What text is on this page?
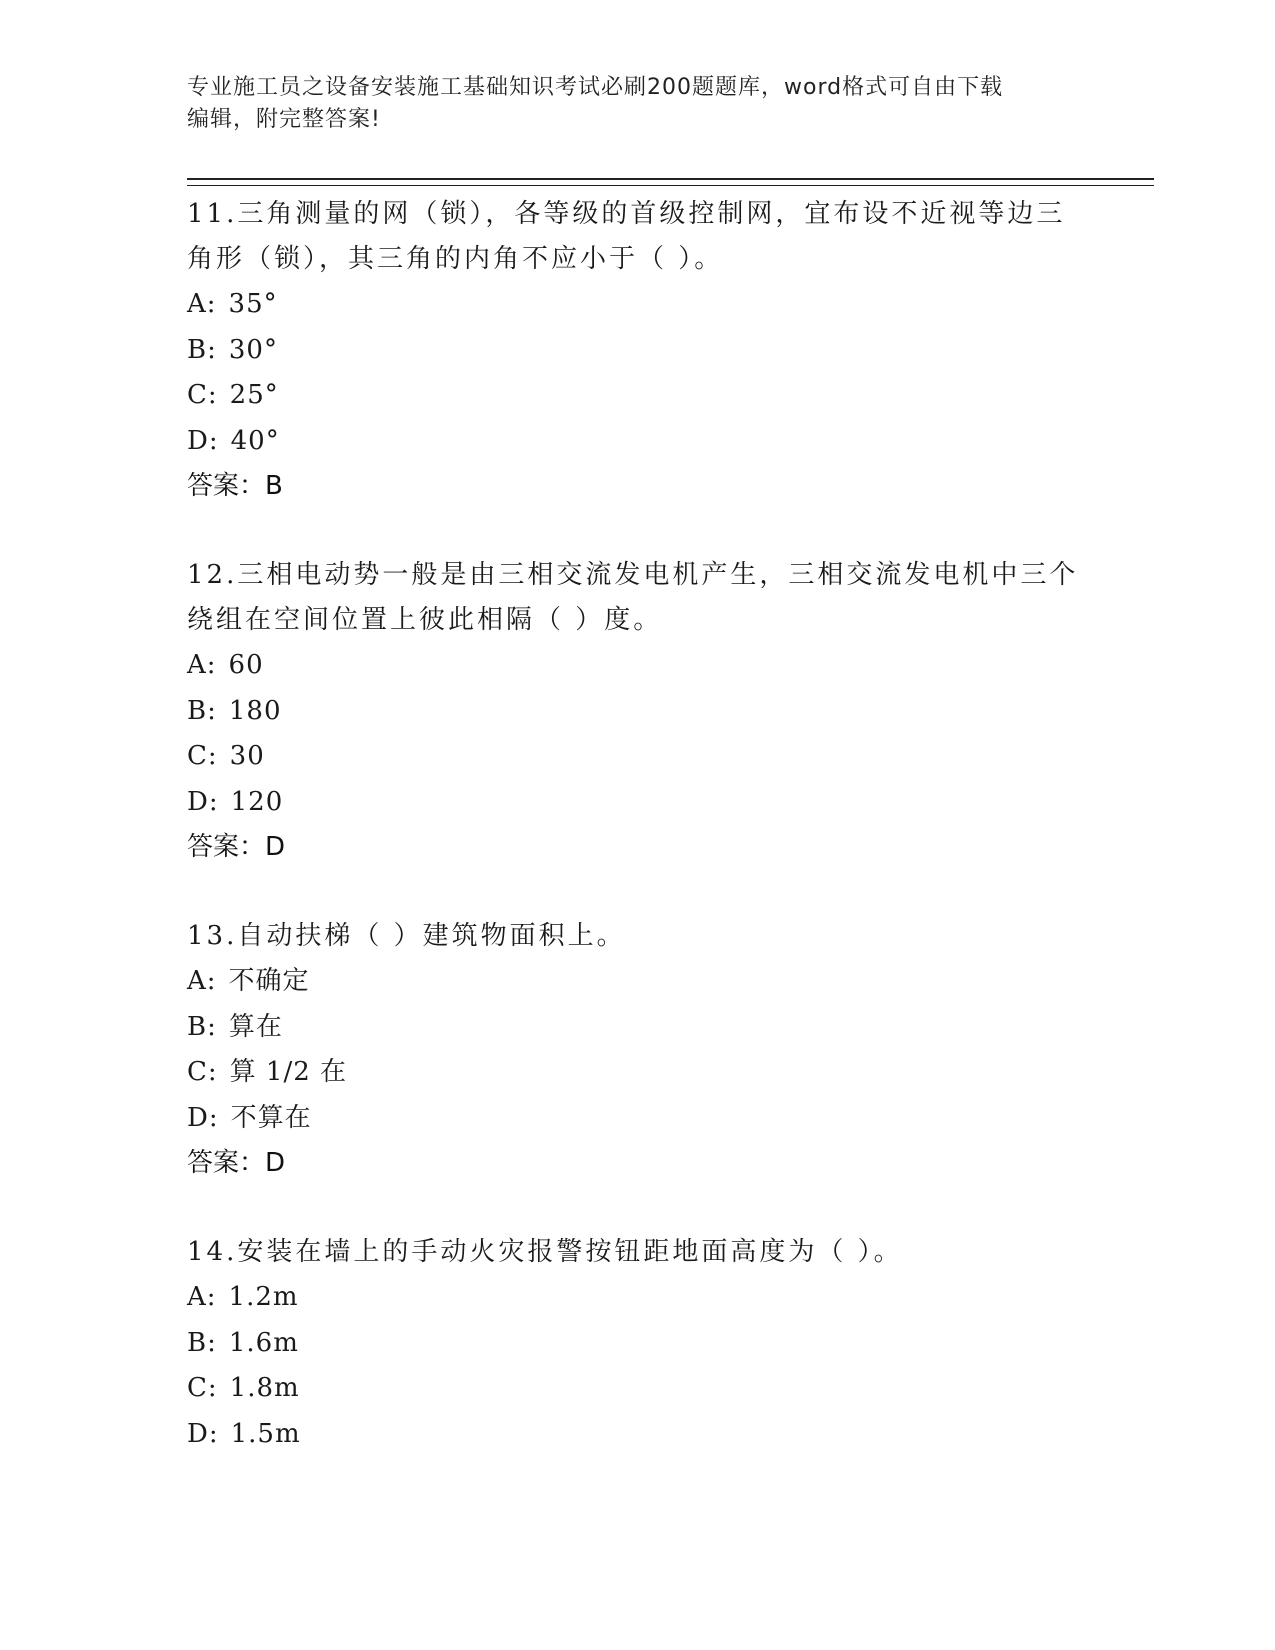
专业施工员之设备安装施工基础知识考试必刷200题题库，word格式可自由下载
编辑，附完整答案!

11.三角测量的网（锁），各等级的首级控制网，宜布设不近视等边三

角形（锁），其三角的内角不应小于（ ）。

A: 35°

B: 30°

C: 25°

D: 40°

答案：B

12.三相电动势一般是由三相交流发电机产生，三相交流发电机中三个

绕组在空间位置上彼此相隔（ ）度。

A: 60

B: 180

C: 30

D: 120

答案：D

13.自动扶梯（ ）建筑物面积上。

A: 不确定

B: 算在

C: 算 1/2 在

D: 不算在

答案：D

14.安装在墙上的手动火灾报警按钮距地面高度为（ ）。

A: 1.2m

B: 1.6m

C: 1.8m

D: 1.5m
